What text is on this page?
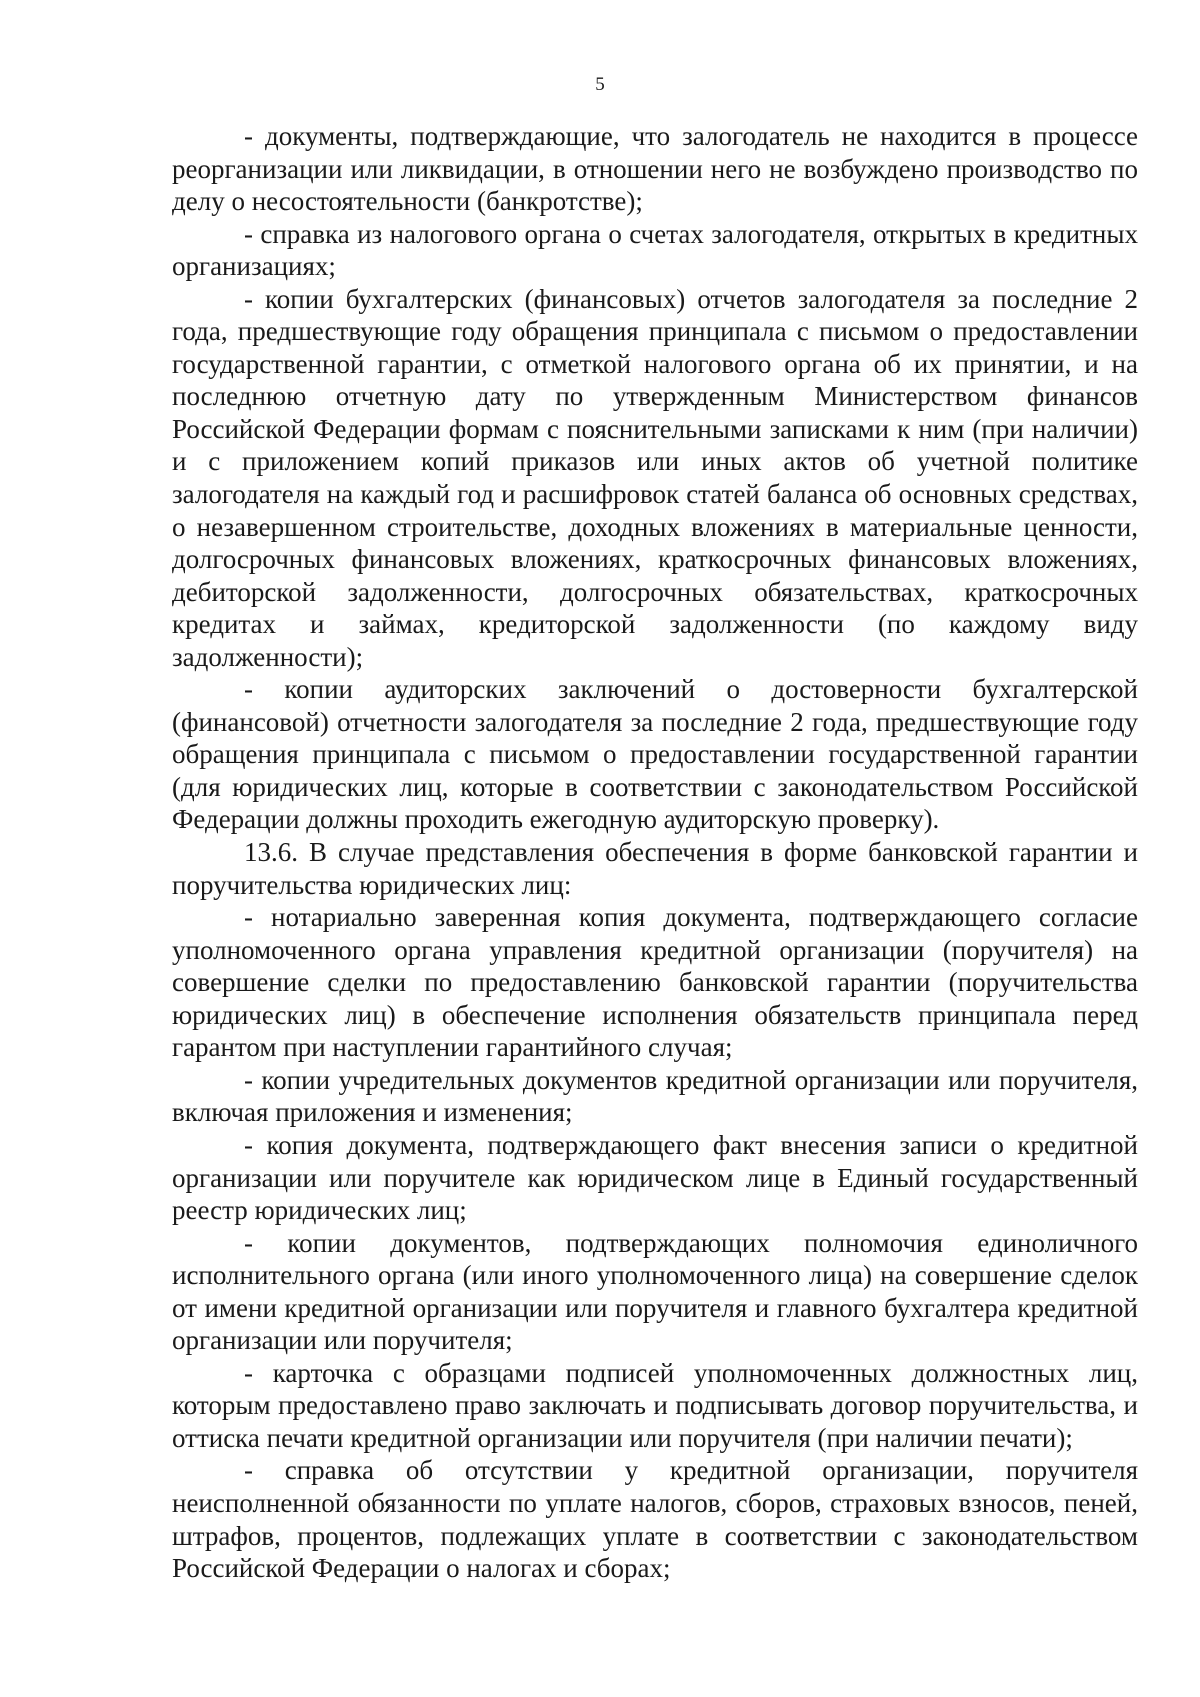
5

- документы, подтверждающие, что залогодатель не находится в процессе реорганизации или ликвидации, в отношении него не возбуждено производство по делу о несостоятельности (банкротстве);

- справка из налогового органа о счетах залогодателя, открытых в кредитных организациях;

- копии бухгалтерских (финансовых) отчетов залогодателя за последние 2 года, предшествующие году обращения принципала с письмом о предоставлении государственной гарантии, с отметкой налогового органа об их принятии, и на последнюю отчетную дату по утвержденным Министерством финансов Российской Федерации формам с пояснительными записками к ним (при наличии) и с приложением копий приказов или иных актов об учетной политике залогодателя на каждый год и расшифровок статей баланса об основных средствах, о незавершенном строительстве, доходных вложениях в материальные ценности, долгосрочных финансовых вложениях, краткосрочных финансовых вложениях, дебиторской задолженности, долгосрочных обязательствах, краткосрочных кредитах и займах, кредиторской задолженности (по каждому виду задолженности);

- копии аудиторских заключений о достоверности бухгалтерской (финансовой) отчетности залогодателя за последние 2 года, предшествующие году обращения принципала с письмом о предоставлении государственной гарантии (для юридических лиц, которые в соответствии с законодательством Российской Федерации должны проходить ежегодную аудиторскую проверку).

13.6. В случае представления обеспечения в форме банковской гарантии и поручительства юридических лиц:

- нотариально заверенная копия документа, подтверждающего согласие уполномоченного органа управления кредитной организации (поручителя) на совершение сделки по предоставлению банковской гарантии (поручительства юридических лиц) в обеспечение исполнения обязательств принципала перед гарантом при наступлении гарантийного случая;

- копии учредительных документов кредитной организации или поручителя, включая приложения и изменения;

- копия документа, подтверждающего факт внесения записи о кредитной организации или поручителе как юридическом лице в Единый государственный реестр юридических лиц;

- копии документов, подтверждающих полномочия единоличного исполнительного органа (или иного уполномоченного лица) на совершение сделок от имени кредитной организации или поручителя и главного бухгалтера кредитной организации или поручителя;

- карточка с образцами подписей уполномоченных должностных лиц, которым предоставлено право заключать и подписывать договор поручительства, и оттиска печати кредитной организации или поручителя (при наличии печати);

- справка об отсутствии у кредитной организации, поручителя неисполненной обязанности по уплате налогов, сборов, страховых взносов, пеней, штрафов, процентов, подлежащих уплате в соответствии с законодательством Российской Федерации о налогах и сборах;
